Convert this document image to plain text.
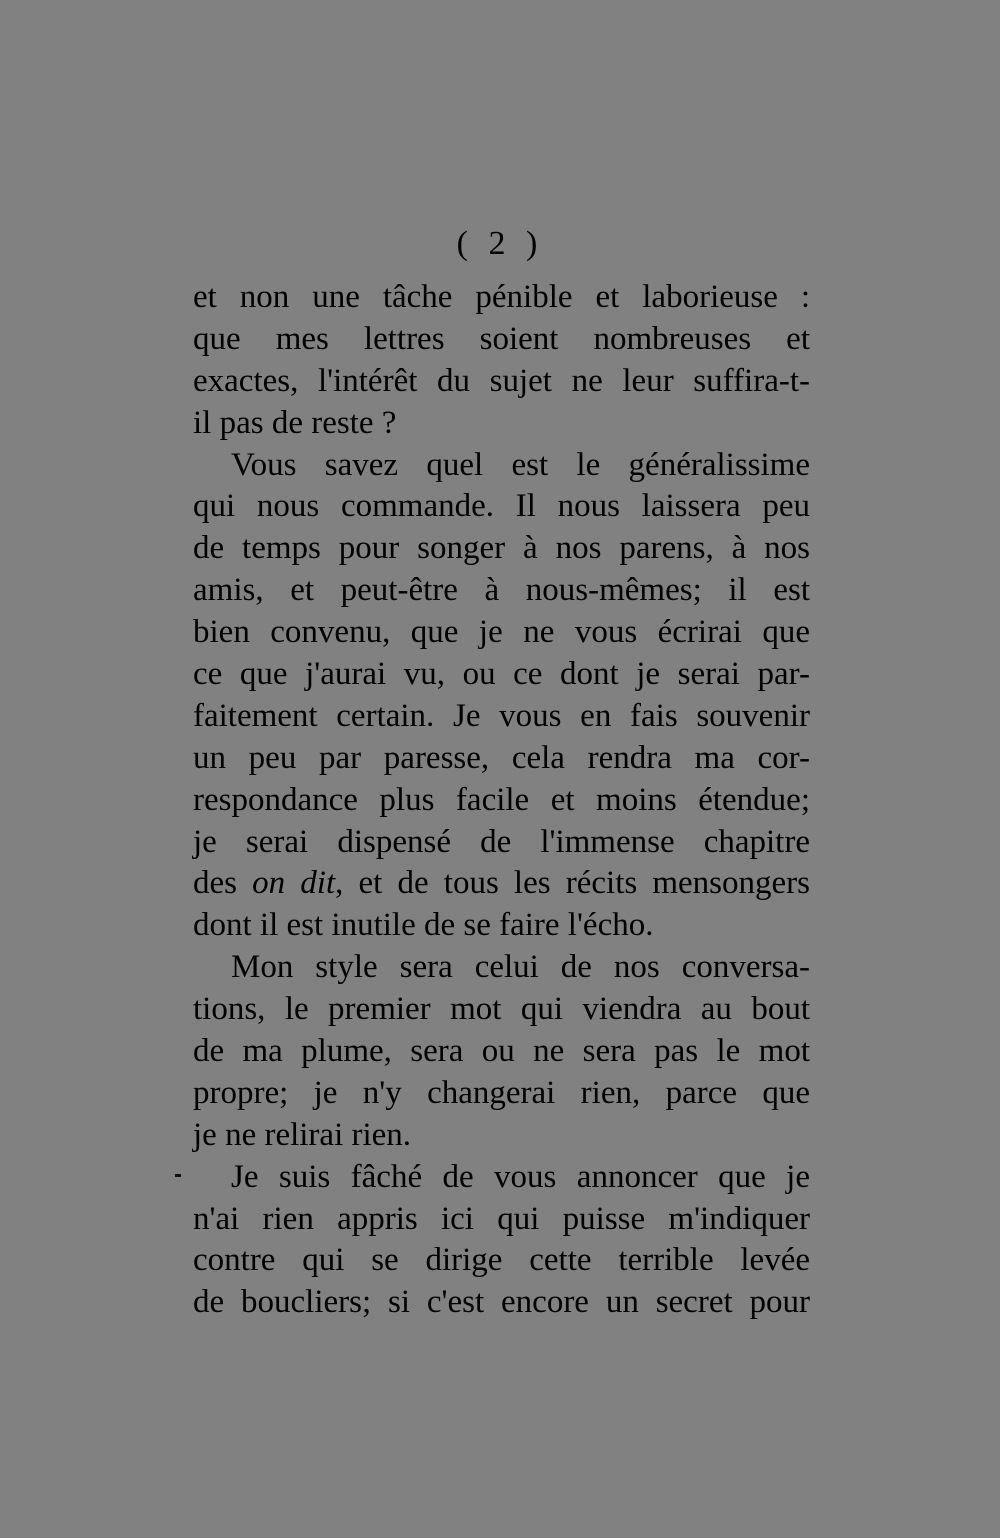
( 2 )
et non une tâche pénible et laborieuse :
que mes lettres soient nombreuses et
exactes, l'intérêt du sujet ne leur suffira-t-
il pas de reste ?
Vous savez quel est le généralissime
qui nous commande. Il nous laissera peu
de temps pour songer à nos parens, à nos
amis, et peut-être à nous-mêmes; il est
bien convenu, que je ne vous écrirai que
ce que j'aurai vu, ou ce dont je serai par-
faitement certain. Je vous en fais souvenir
un peu par paresse, cela rendra ma cor-
respondance plus facile et moins étendue;
je serai dispensé de l'immense chapitre
des on dit, et de tous les récits mensongers
dont il est inutile de se faire l'écho.
Mon style sera celui de nos conversa-
tions, le premier mot qui viendra au bout
de ma plume, sera ou ne sera pas le mot
propre; je n'y changerai rien, parce que
je ne relirai rien.
Je suis fâché de vous annoncer que je
n'ai rien appris ici qui puisse m'indiquer
contre qui se dirige cette terrible levée
de boucliers; si c'est encore un secret pour
